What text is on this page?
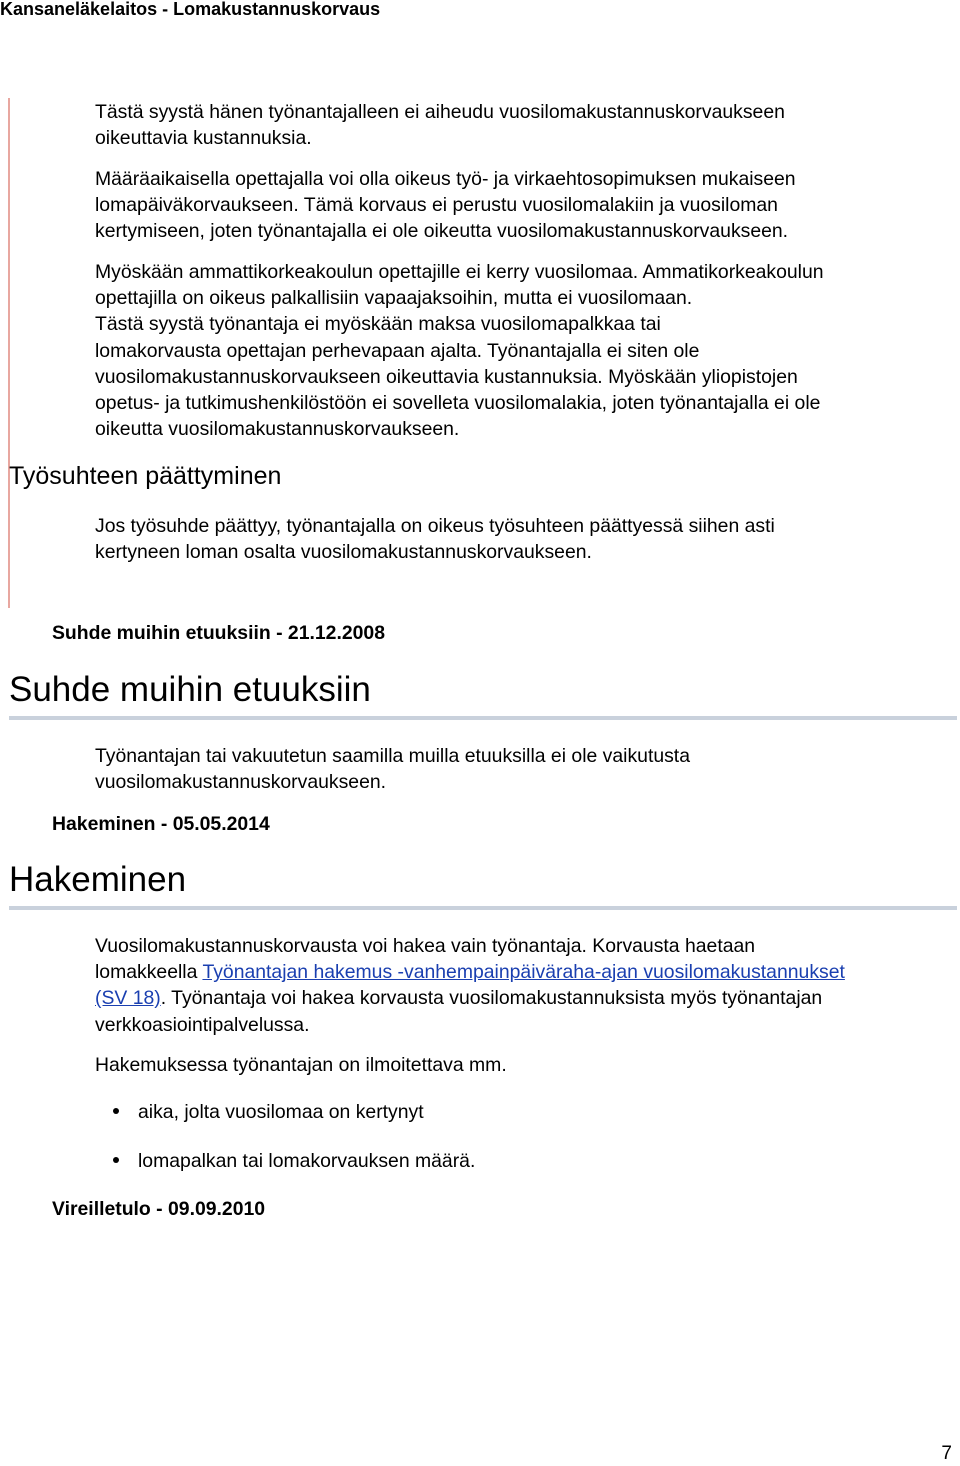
Kansaneläkelaitos - Lomakustannuskorvaus

Tästä syystä hänen työnantajalleen ei aiheudu vuosilomakustannuskorvaukseen
oikeuttavia kustannuksia.

Määräaikaisella opettajalla voi olla oikeus työ- ja virkaehtosopimuksen mukaiseen
lomapäiväkorvaukseen. Tämä korvaus ei perustu vuosilomalakiin ja vuosiloman
kertymiseen, joten työnantajalla ei ole oikeutta vuosilomakustannuskorvaukseen.

Myöskään ammattikorkeakoulun opettajille ei kerry vuosilomaa. Ammatikorkeakoulun
opettajilla on oikeus palkallisiin vapaajaksoihin, mutta ei vuosilomaan.
Tästä syystä työnantaja ei myöskään maksa vuosilomapalkkaa tai
lomakorvausta opettajan perhevapaan ajalta. Työnantajalla ei siten ole
vuosilomakustannuskorvaukseen oikeuttavia kustannuksia. Myöskään yliopistojen
opetus- ja tutkimushenkilöstöön ei sovelleta vuosilomalakia, joten työnantajalla ei ole
oikeutta vuosilomakustannuskorvaukseen.

Työsuhteen päättyminen

Jos työsuhde päättyy, työnantajalla on oikeus työsuhteen päättyessä siihen asti
kertyneen loman osalta vuosilomakustannuskorvaukseen.

Suhde muihin etuuksiin - 21.12.2008
Suhde muihin etuuksiin

Työnantajan tai vakuutetun saamilla muilla etuuksilla ei ole vaikutusta
vuosilomakustannuskorvaukseen.

Hakeminen - 05.05.2014
Hakeminen

Vuosilomakustannuskorvausta voi hakea vain työnantaja. Korvausta haetaan
lomakkeella Työnantajan hakemus -vanhempainpäiväraha-ajan vuosilomakustannukset
(SV 18). Työnantaja voi hakea korvausta vuosilomakustannuksista myös työnantajan
verkkoasiointipalvelussa.

Hakemuksessa työnantajan on ilmoitettava mm.

aika, jolta vuosilomaa on kertynyt
lomapalkan tai lomakorvauksen määrä.
Vireilletulo - 09.09.2010
7
